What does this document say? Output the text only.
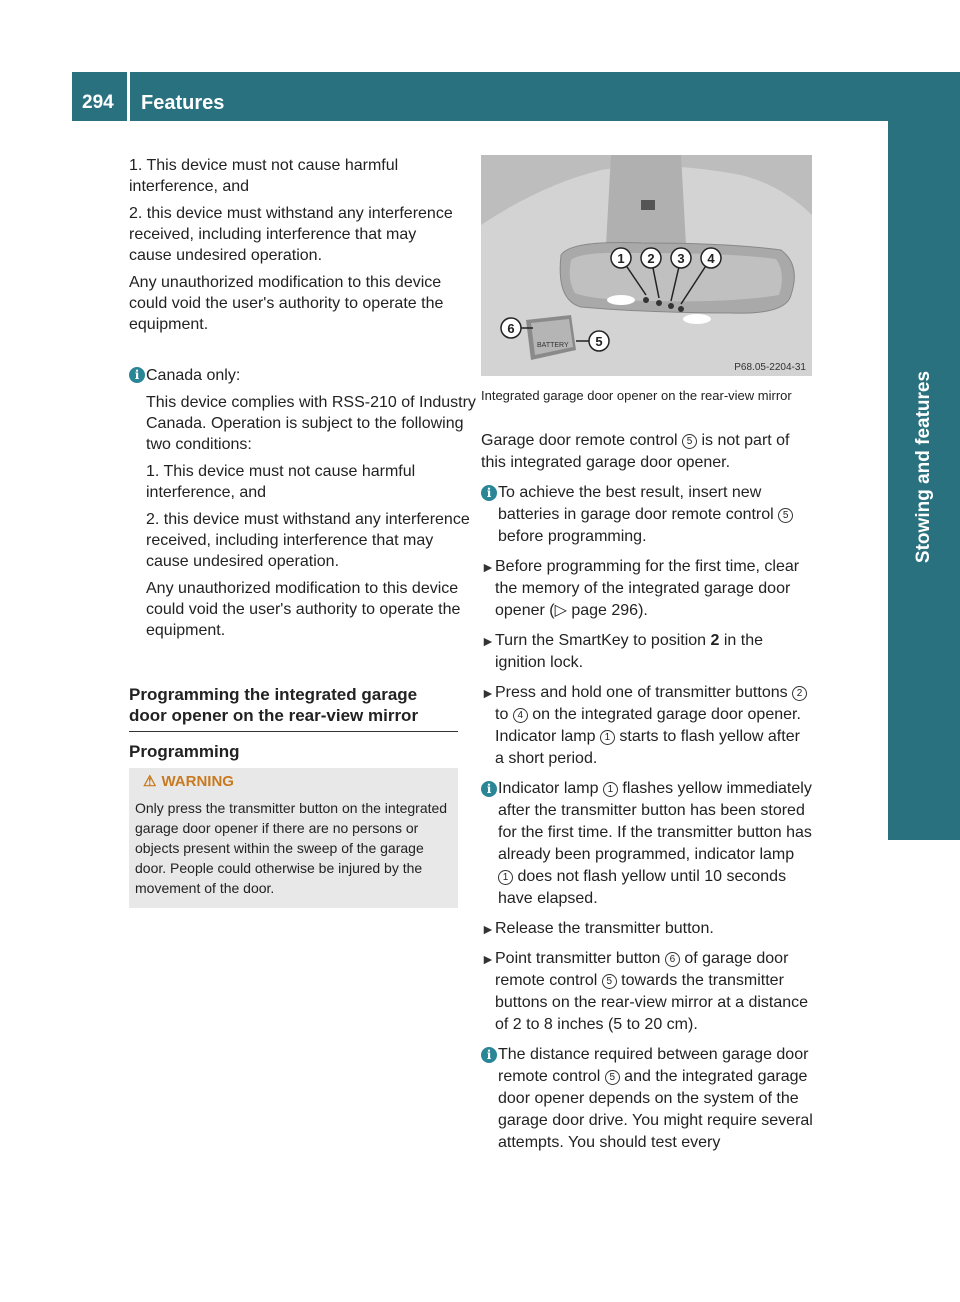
294 Features
Stowing and features

1. This device must not cause harmful interference, and

2. this device must withstand any interference received, including interference that may cause undesired operation.

Any unauthorized modification to this device could void the user's authority to operate the equipment.

i Canada only:

This device complies with RSS-210 of Industry Canada. Operation is subject to the following two conditions:

1. This device must not cause harmful interference, and

2. this device must withstand any interference received, including interference that may cause undesired operation.

Any unauthorized modification to this device could void the user's authority to operate the equipment.

Programming the integrated garage door opener on the rear-view mirror
Programming
⚠ WARNING
Only press the transmitter button on the integrated garage door opener if there are no persons or objects present within the sweep of the garage door. People could otherwise be injured by the movement of the door.
BATTERY
1 2 3 4
5
6
P68.05-2204-31
Integrated garage door opener on the rear-view mirror

Garage door remote control 5 is not part of this integrated garage door opener.

i To achieve the best result, insert new batteries in garage door remote control 5 before programming.
► Before programming for the first time, clear the memory of the integrated garage door opener (▷ page 296).
► Turn the SmartKey to position 2 in the ignition lock.
► Press and hold one of transmitter buttons 2 to 4 on the integrated garage door opener.
Indicator lamp 1 starts to flash yellow after a short period.
i Indicator lamp 1 flashes yellow immediately after the transmitter button has been stored for the first time. If the transmitter button has already been programmed, indicator lamp 1 does not flash yellow until 10 seconds have elapsed.
► Release the transmitter button.
► Point transmitter button 6 of garage door remote control 5 towards the transmitter buttons on the rear-view mirror at a distance of 2 to 8 inches (5 to 20 cm).
i The distance required between garage door remote control 5 and the integrated garage door opener depends on the system of the garage door drive. You might require several attempts. You should test every
